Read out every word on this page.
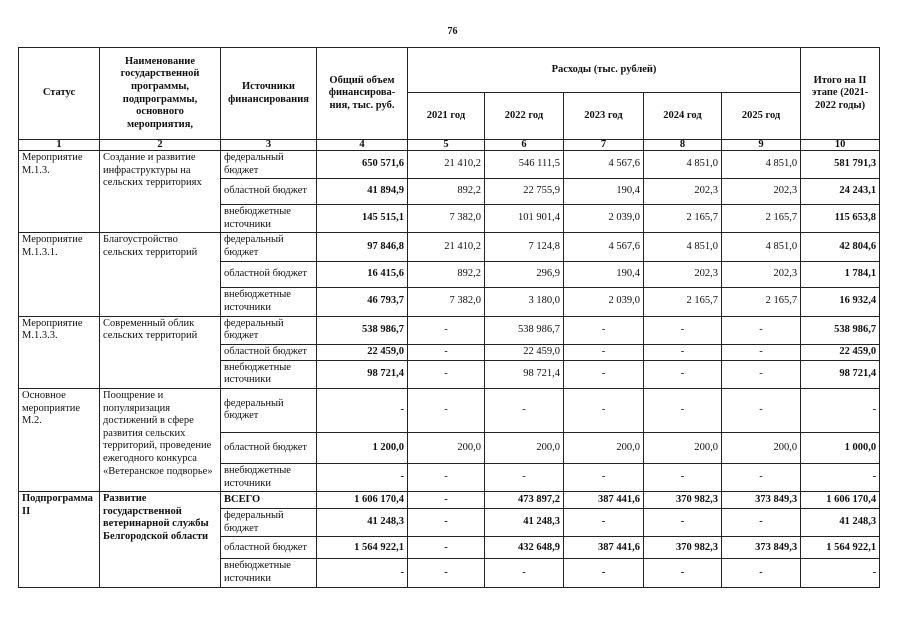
76
Статус	Наименование государственной программы, подпрограммы, основного мероприятия,	Источники финансирования	Общий объем финансирова-ния, тыс. руб.	Расходы (тыс. рублей)					Итого на II этапе (2021-2022 годы)
				2021 год	2022 год	2023 год	2024 год	2025 год	
1	2	3	4	5	6	7	8	9	10
Мероприятие М.1.3.	Создание и развитие инфраструктуры на сельских территориях	федеральный бюджет	650 571,6	21 410,2	546 111,5	4 567,6	4 851,0	4 851,0	581 791,3
		областной бюджет	41 894,9	892,2	22 755,9	190,4	202,3	202,3	24 243,1
		внебюджетные источники	145 515,1	7 382,0	101 901,4	2 039,0	2 165,7	2 165,7	115 653,8
Мероприятие М.1.3.1.	Благоустройство сельских территорий	федеральный бюджет	97 846,8	21 410,2	7 124,8	4 567,6	4 851,0	4 851,0	42 804,6
		областной бюджет	16 415,6	892,2	296,9	190,4	202,3	202,3	1 784,1
		внебюджетные источники	46 793,7	7 382,0	3 180,0	2 039,0	2 165,7	2 165,7	16 932,4
Мероприятие М.1.3.3.	Современный облик сельских территорий	федеральный бюджет	538 986,7	-	538 986,7	-	-	-	538 986,7
		областной бюджет	22 459,0	-	22 459,0	-	-	-	22 459,0
		внебюджетные источники	98 721,4	-	98 721,4	-	-	-	98 721,4
Основное мероприятие М.2.	Поощрение и популяризация достижений в сфере развития сельских территорий, проведение ежегодного конкурса «Ветеранское подворье»	федеральный бюджет	-	-	-	-	-	-	-
		областной бюджет	1 200,0	200,0	200,0	200,0	200,0	200,0	1 000,0
		внебюджетные источники	-	-	-	-	-	-	-
Подпрограмма II	Развитие государственной ветеринарной службы Белгородской области	ВСЕГО	1 606 170,4	-	473 897,2	387 441,6	370 982,3	373 849,3	1 606 170,4
		федеральный бюджет	41 248,3	-	41 248,3	-	-	-	41 248,3
		областной бюджет	1 564 922,1	-	432 648,9	387 441,6	370 982,3	373 849,3	1 564 922,1
		внебюджетные источники	-	-	-	-	-	-	-
